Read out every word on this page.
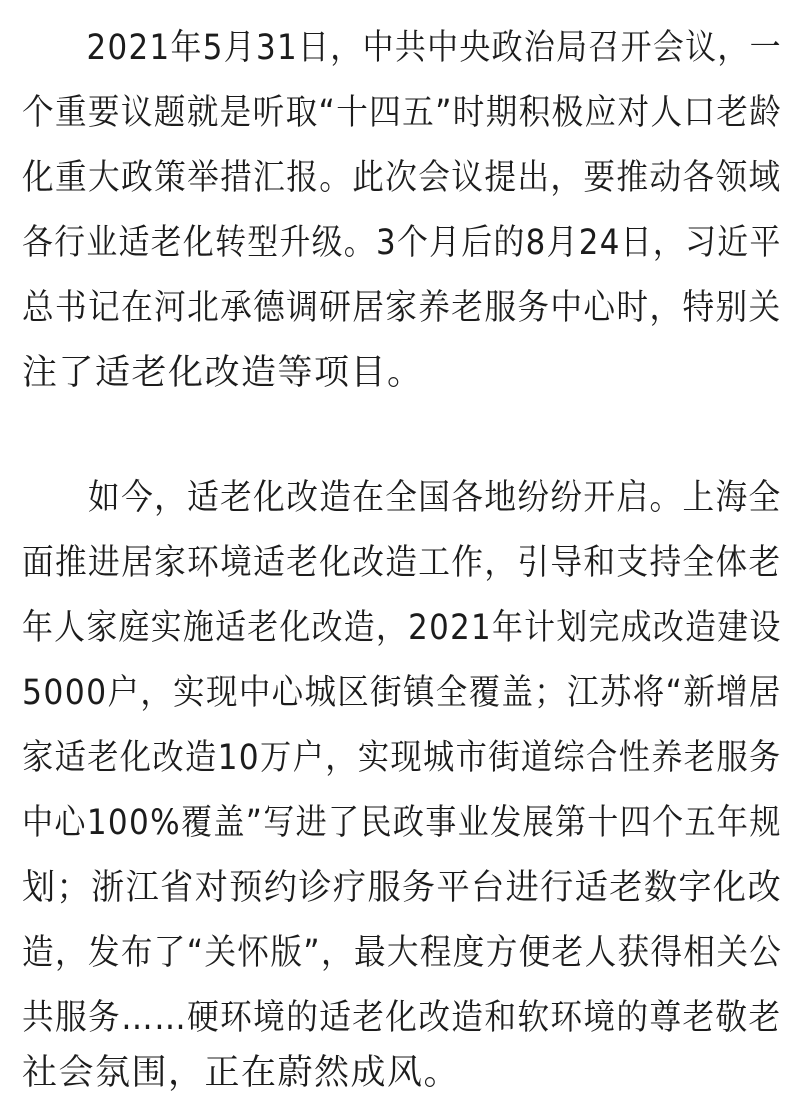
　　2021年5月31日，中共中央政治局召开会议，一
个重要议题就是听取“十四五”时期积极应对人口老龄
化重大政策举措汇报。此次会议提出，要推动各领域
各行业适老化转型升级。3个月后的8月24日，习近平
总书记在河北承德调研居家养老服务中心时，特别关
注了适老化改造等项目。
　　如今，适老化改造在全国各地纷纷开启。上海全
面推进居家环境适老化改造工作，引导和支持全体老
年人家庭实施适老化改造，2021年计划完成改造建设
5000户，实现中心城区街镇全覆盖；江苏将“新增居
家适老化改造10万户，实现城市街道综合性养老服务
中心100%覆盖”写进了民政事业发展第十四个五年规
划；浙江省对预约诊疗服务平台进行适老数字化改
造，发布了“关怀版”，最大程度方便老人获得相关公
共服务……硬环境的适老化改造和软环境的尊老敬老
社会氛围，正在蔚然成风。
